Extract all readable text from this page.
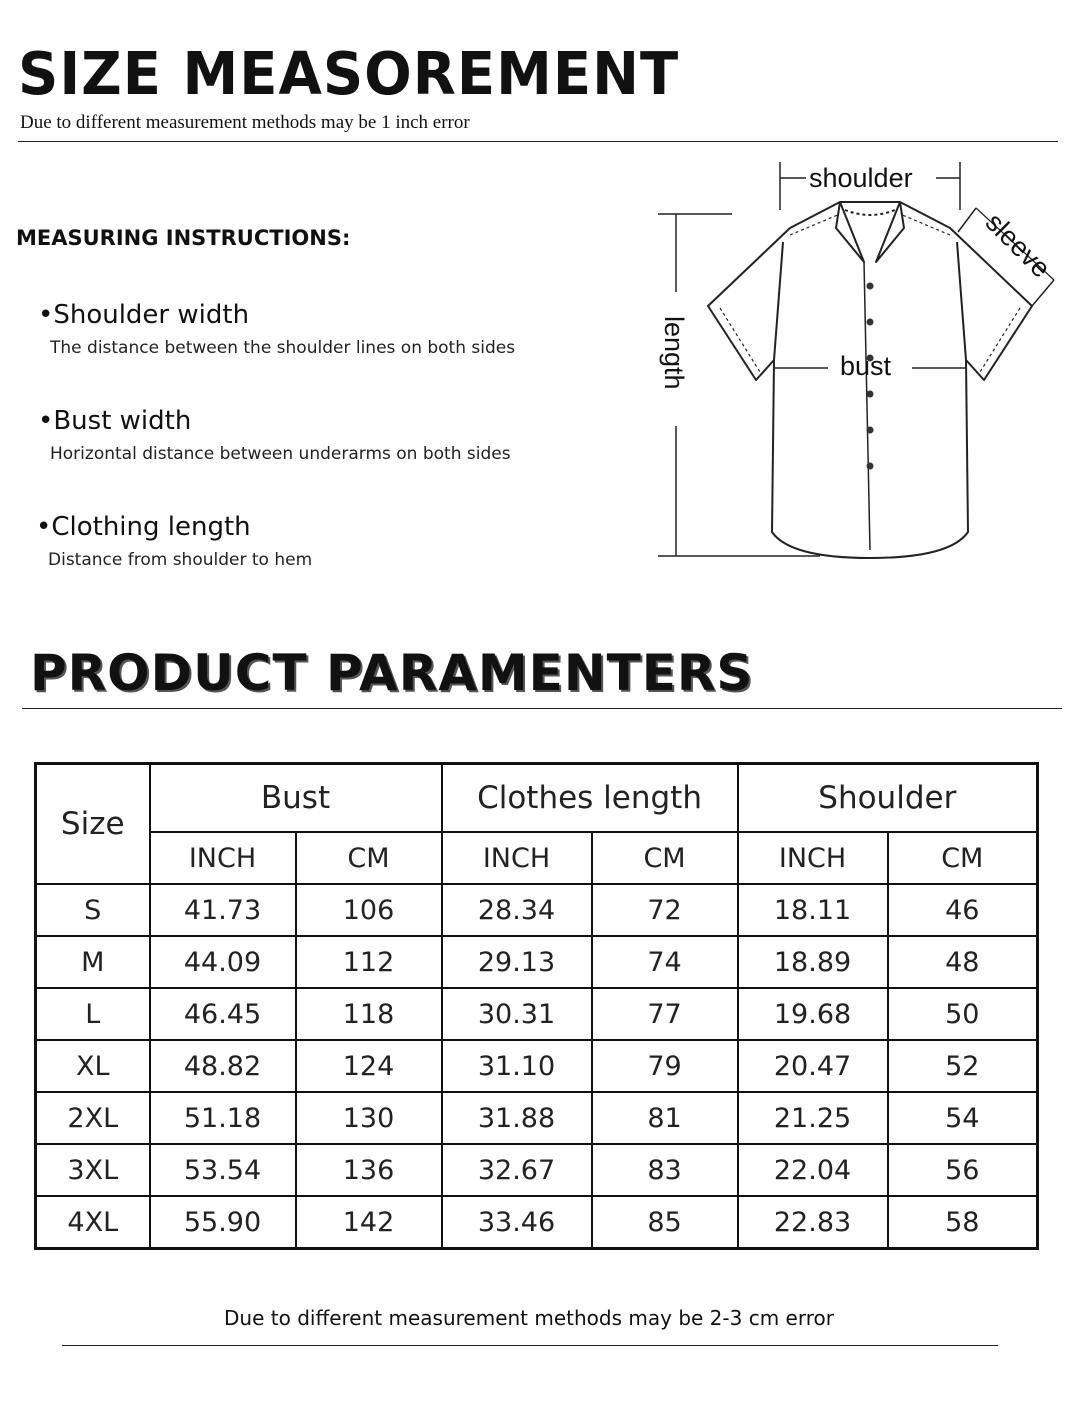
SIZE MEASOREMENT
Due to different measurement methods may be 1 inch error
MEASURING INSTRUCTIONS:
•Shoulder width
The distance between the shoulder lines on both sides
•Bust width
Horizontal distance between underarms on both sides
•Clothing length
Distance from shoulder to hem
shoulder
bust
length
sleeve
PRODUCT PARAMENTERS
Size	Bust		Clothes length		Shoulder	
	INCH	CM	INCH	CM	INCH	CM
S	41.73	106	28.34	72	18.11	46
M	44.09	112	29.13	74	18.89	48
L	46.45	118	30.31	77	19.68	50
XL	48.82	124	31.10	79	20.47	52
2XL	51.18	130	31.88	81	21.25	54
3XL	53.54	136	32.67	83	22.04	56
4XL	55.90	142	33.46	85	22.83	58
Due to different measurement methods may be 2-3 cm error
